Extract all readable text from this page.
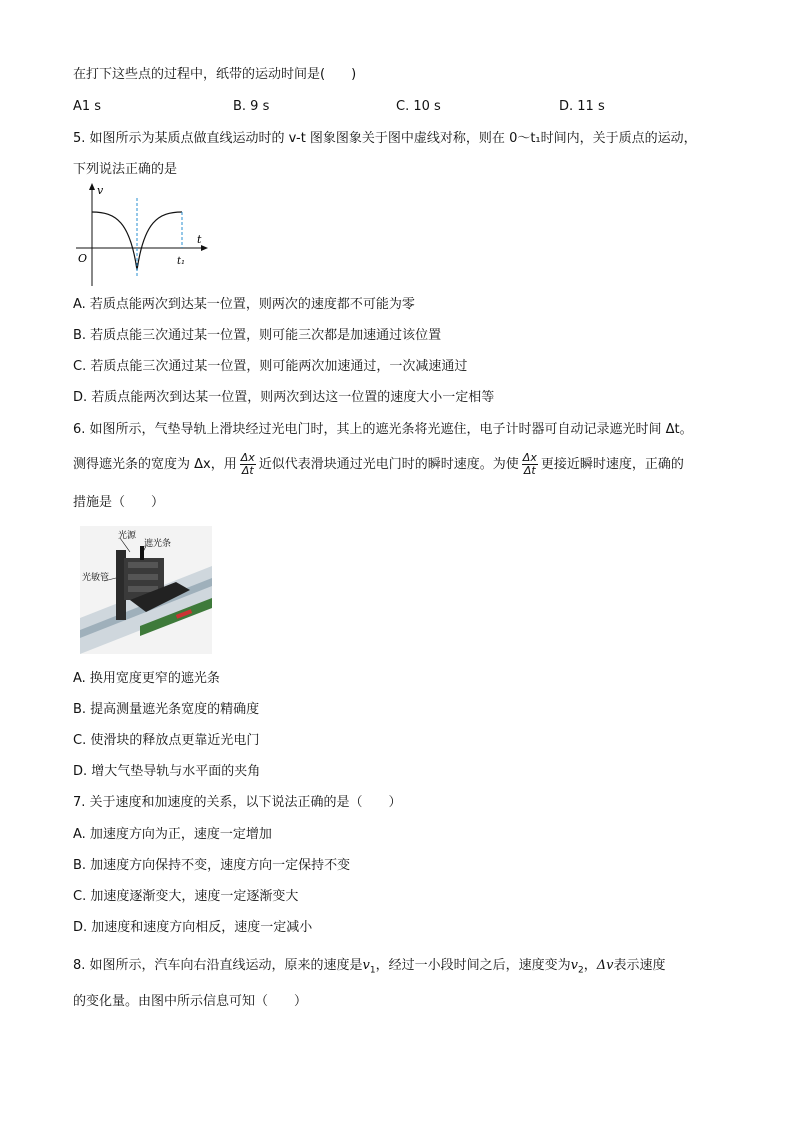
在打下这些点的过程中，纸带的运动时间是(　　)
A1 s	B. 9 s	C. 10 s	D. 11 s
5. 如图所示为某质点做直线运动时的 v-t 图象图象关于图中虚线对称，则在 0～t₁时间内，关于质点的运动，
下列说法正确的是
v
t
O	t₁
A. 若质点能两次到达某一位置，则两次的速度都不可能为零
B. 若质点能三次通过某一位置，则可能三次都是加速通过该位置
C. 若质点能三次通过某一位置，则可能两次加速通过，一次减速通过
D. 若质点能两次到达某一位置，则两次到达这一位置的速度大小一定相等
6. 如图所示，气垫导轨上滑块经过光电门时，其上的遮光条将光遮住，电子计时器可自动记录遮光时间 Δt。
测得遮光条的宽度为 Δx，用 $\frac{\Delta x}{\Delta t}$ 近似代表滑块通过光电门时的瞬时速度。为使 $\frac{\Delta x}{\Delta t}$ 更接近瞬时速度，正确的
措施是（　　）
光源
遮光条
光敏管
A. 换用宽度更窄的遮光条
B. 提高测量遮光条宽度的精确度
C. 使滑块的释放点更靠近光电门
D. 增大气垫导轨与水平面的夹角
7. 关于速度和加速度的关系，以下说法正确的是（　　）
A. 加速度方向为正，速度一定增加
B. 加速度方向保持不变，速度方向一定保持不变
C. 加速度逐渐变大，速度一定逐渐变大
D. 加速度和速度方向相反，速度一定减小
8. 如图所示，汽车向右沿直线运动，原来的速度是$v_1$，经过一小段时间之后，速度变为$v_2$，Δv表示速度
的变化量。由图中所示信息可知（　　）
